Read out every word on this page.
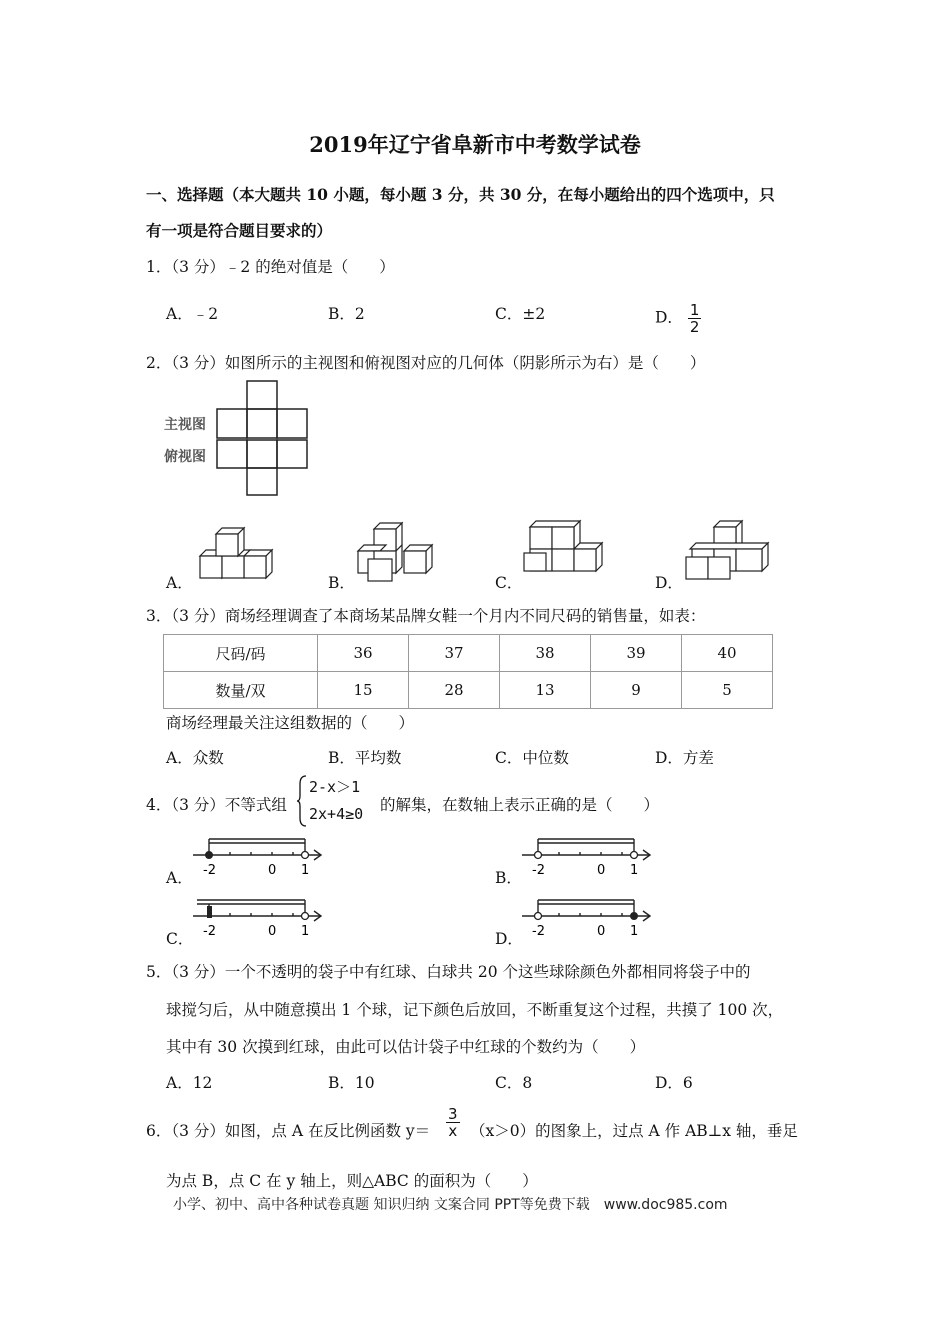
2019年辽宁省阜新市中考数学试卷
一、选择题（本大题共 10 小题，每小题 3 分，共 30 分，在每小题给出的四个选项中，只
有一项是符合题目要求的）
1．（3 分）﹣2 的绝对值是（　　）
A．﹣2	B．2	C．±2	D． $\frac{1}{2}$
2．（3 分）如图所示的主视图和俯视图对应的几何体（阴影所示为右）是（　　）
主视图
俯视图
A．	B．	C．	D．
3．（3 分）商场经理调查了本商场某品牌女鞋一个月内不同尺码的销售量，如表：
尺码/码	36	37	38	39	40
数量/双	15	28	13	9	5
商场经理最关注这组数据的（　　）
A．众数	B．平均数	C．中位数	D．方差
4．（3 分）不等式组
2-x＞1
2x+4≥0 的解集，在数轴上表示正确的是（　　）
A． -2	0 1	B． -2	0 1
C． -2	0 1	D． -2	0 1
5．（3 分）一个不透明的袋子中有红球、白球共 20 个这些球除颜色外都相同将袋子中的
球搅匀后，从中随意摸出 1 个球，记下颜色后放回，不断重复这个过程，共摸了 100 次，
其中有 30 次摸到红球，由此可以估计袋子中红球的个数约为（　　）
A．12	B．10	C．8	D．6
6．（3 分）如图，点 A 在反比例函数 $y= \frac{3}{x} (x>0)$的图象上，过点 A 作 AB⊥x 轴，垂足
为点 B，点 C 在 y 轴上，则△ABC 的面积为（　　）
小学、初中、高中各种试卷真题 知识归纳 文案合同 PPT等免费下载　www.doc985.com
